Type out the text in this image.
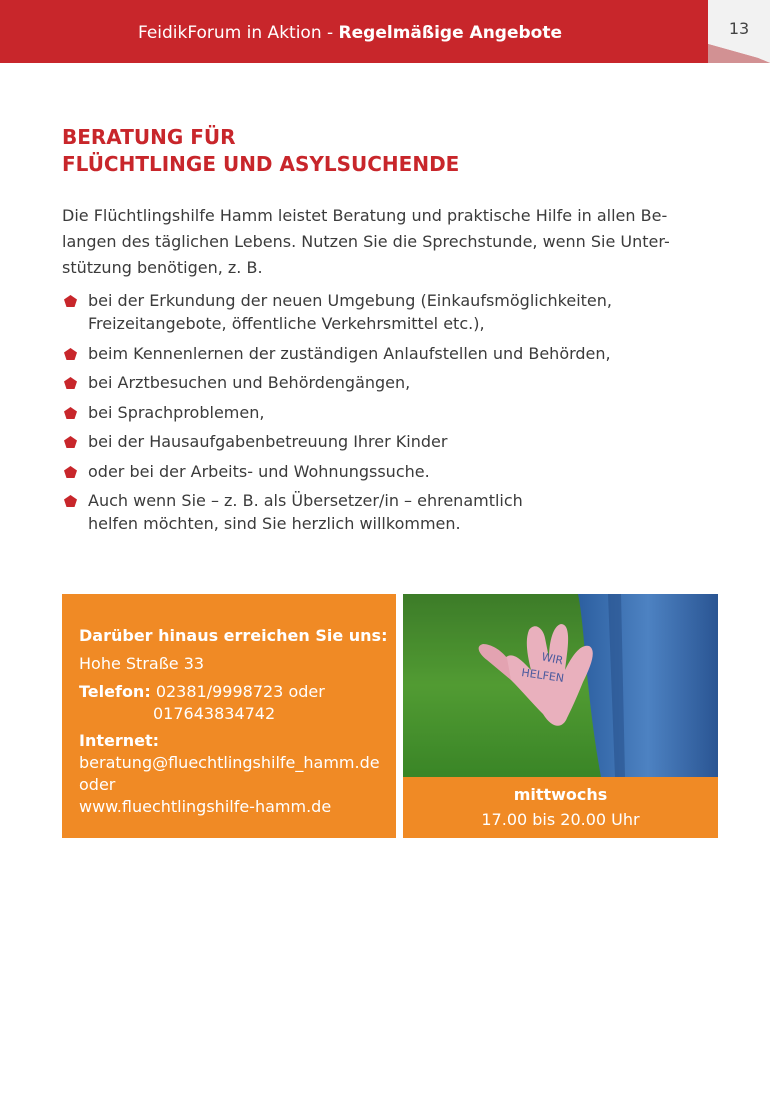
FeidikForum in Aktion - Regelmäßige Angebote	13
BERATUNG FÜR
FLÜCHTLINGE UND ASYLSUCHENDE

Die Flüchtlingshilfe Hamm leistet Beratung und praktische Hilfe in allen Be-
langen des täglichen Lebens. Nutzen Sie die Sprechstunde, wenn Sie Unter-
stützung benötigen, z. B.

bei der Erkundung der neuen Umgebung (Einkaufsmöglichkeiten,
Freizeitangebote, öffentliche Verkehrsmittel etc.),
beim Kennenlernen der zuständigen Anlaufstellen und Behörden,
bei Arztbesuchen und Behördengängen,
bei Sprachproblemen,
bei der Hausaufgabenbetreuung Ihrer Kinder
oder bei der Arbeits- und Wohnungssuche.
Auch wenn Sie – z. B. als Übersetzer/in – ehrenamtlich
helfen möchten, sind Sie herzlich willkommen.
Darüber hinaus erreichen Sie uns:
Hohe Straße 33
Telefon: 02381/9998723 oder
017643834742
Internet:
beratung@fluechtlingshilfe_hamm.de
oder
www.fluechtlingshilfe-hamm.de
WIR
HELFEN
mittwochs
17.00 bis 20.00 Uhr
